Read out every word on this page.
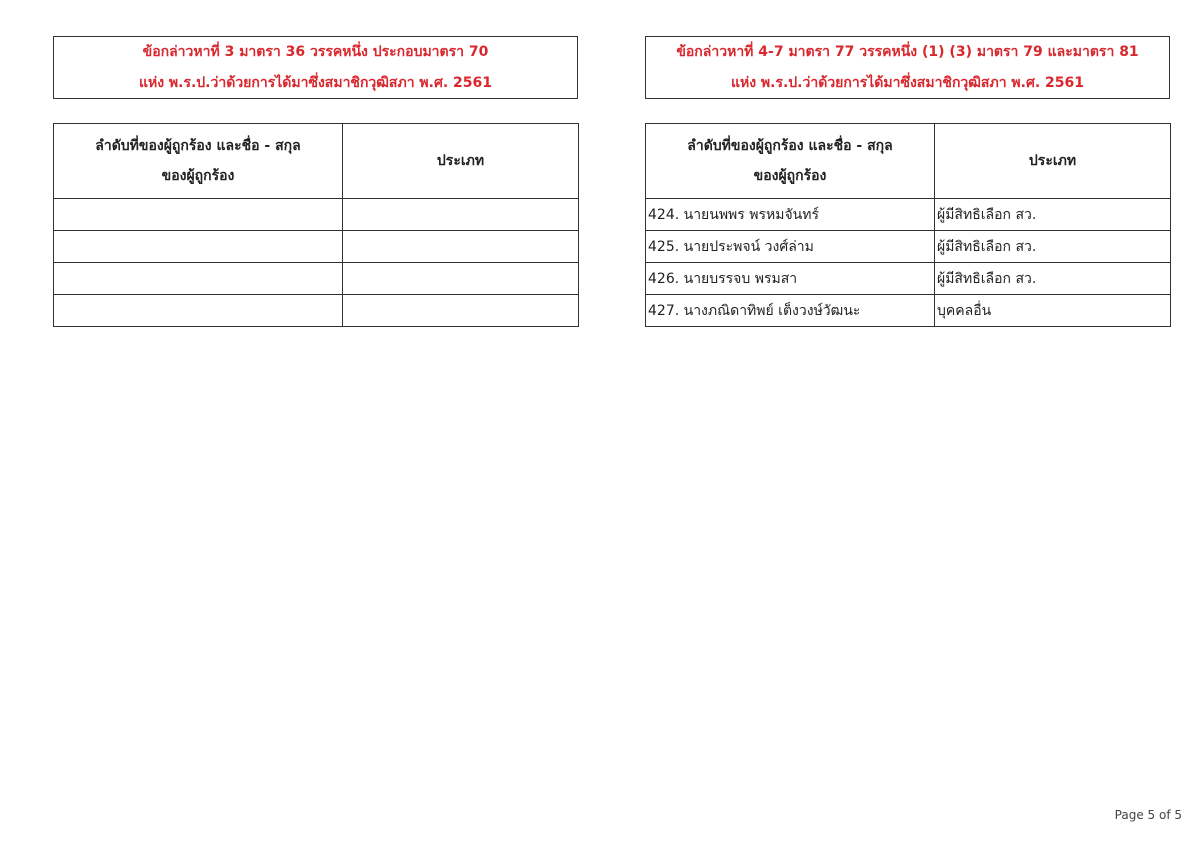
ข้อกล่าวหาที่ 3 มาตรา 36 วรรคหนึ่ง ประกอบมาตรา 70
แห่ง พ.ร.ป.ว่าด้วยการได้มาซึ่งสมาชิกวุฒิสภา พ.ศ. 2561
ข้อกล่าวหาที่ 4-7 มาตรา 77 วรรคหนึ่ง (1) (3) มาตรา 79 และมาตรา 81
แห่ง พ.ร.ป.ว่าด้วยการได้มาซึ่งสมาชิกวุฒิสภา พ.ศ. 2561
ลำดับที่ของผู้ถูกร้อง และชื่อ - สกุล
ของผู้ถูกร้อง	ประเภท

ลำดับที่ของผู้ถูกร้อง และชื่อ - สกุล
ของผู้ถูกร้อง	ประเภท
424. นายนพพร พรหมจันทร์	ผู้มีสิทธิเลือก สว.
425. นายประพจน์ วงศ์ล่าม	ผู้มีสิทธิเลือก สว.
426. นายบรรจบ พรมสา	ผู้มีสิทธิเลือก สว.
427. นางภณิดาทิพย์ เต็งวงษ์วัฒนะ	บุคคลอื่น
Page 5 of 5
